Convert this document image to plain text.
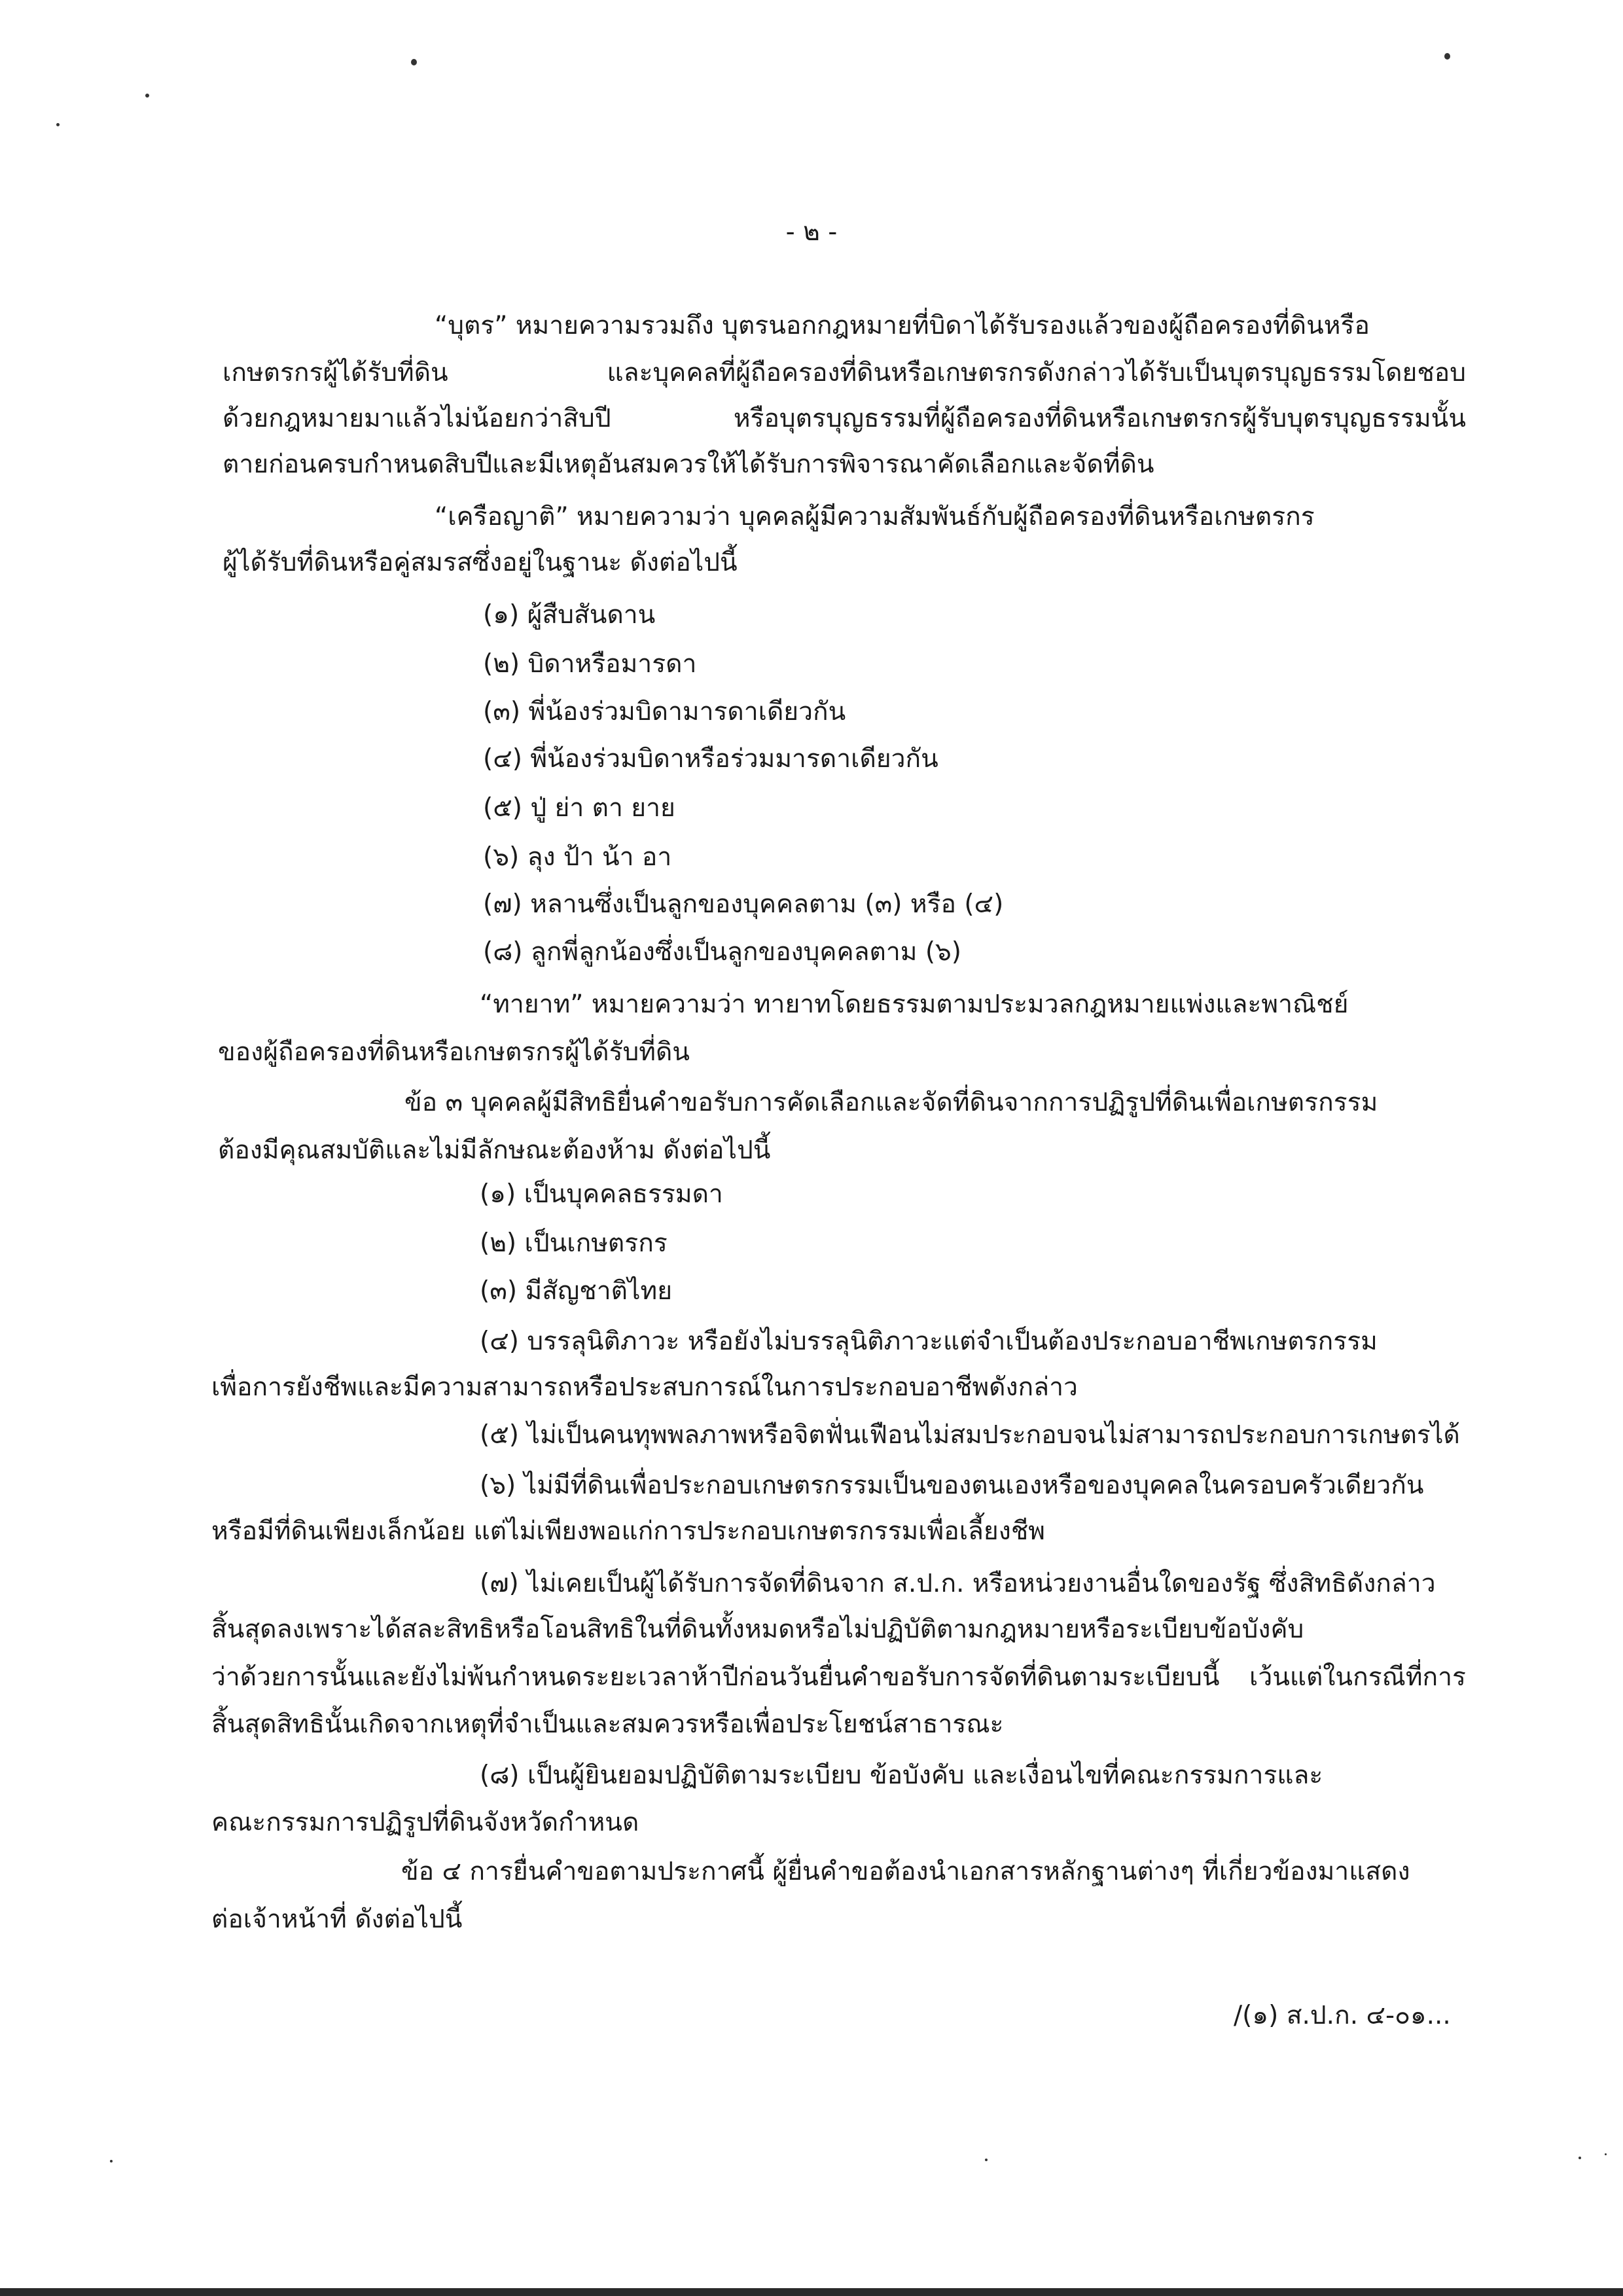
- ๒ -
“บุตร” หมายความรวมถึง บุตรนอกกฎหมายที่บิดาได้รับรองแล้วของผู้ถือครองที่ดินหรือ
เกษตรกรผู้ได้รับที่ดิน และบุคคลที่ผู้ถือครองที่ดินหรือเกษตรกรดังกล่าวได้รับเป็นบุตรบุญธรรมโดยชอบ
ด้วยกฎหมายมาแล้วไม่น้อยกว่าสิบปี หรือบุตรบุญธรรมที่ผู้ถือครองที่ดินหรือเกษตรกรผู้รับบุตรบุญธรรมนั้น
ตายก่อนครบกำหนดสิบปีและมีเหตุอันสมควรให้ได้รับการพิจารณาคัดเลือกและจัดที่ดิน
“เครือญาติ” หมายความว่า บุคคลผู้มีความสัมพันธ์กับผู้ถือครองที่ดินหรือเกษตรกร
ผู้ได้รับที่ดินหรือคู่สมรสซึ่งอยู่ในฐานะ ดังต่อไปนี้
(๑) ผู้สืบสันดาน
(๒) บิดาหรือมารดา
(๓) พี่น้องร่วมบิดามารดาเดียวกัน
(๔) พี่น้องร่วมบิดาหรือร่วมมารดาเดียวกัน
(๕) ปู่ ย่า ตา ยาย
(๖) ลุง ป้า น้า อา
(๗) หลานซึ่งเป็นลูกของบุคคลตาม (๓) หรือ (๔)
(๘) ลูกพี่ลูกน้องซึ่งเป็นลูกของบุคคลตาม (๖)
“ทายาท” หมายความว่า ทายาทโดยธรรมตามประมวลกฎหมายแพ่งและพาณิชย์
ของผู้ถือครองที่ดินหรือเกษตรกรผู้ได้รับที่ดิน
ข้อ ๓ บุคคลผู้มีสิทธิยื่นคำขอรับการคัดเลือกและจัดที่ดินจากการปฏิรูปที่ดินเพื่อเกษตรกรรม
ต้องมีคุณสมบัติและไม่มีลักษณะต้องห้าม ดังต่อไปนี้
(๑) เป็นบุคคลธรรมดา
(๒) เป็นเกษตรกร
(๓) มีสัญชาติไทย
(๔) บรรลุนิติภาวะ หรือยังไม่บรรลุนิติภาวะแต่จำเป็นต้องประกอบอาชีพเกษตรกรรม
เพื่อการยังชีพและมีความสามารถหรือประสบการณ์ในการประกอบอาชีพดังกล่าว
(๕) ไม่เป็นคนทุพพลภาพหรือจิตฟั่นเฟือนไม่สมประกอบจนไม่สามารถประกอบการเกษตรได้
(๖) ไม่มีที่ดินเพื่อประกอบเกษตรกรรมเป็นของตนเองหรือของบุคคลในครอบครัวเดียวกัน
หรือมีที่ดินเพียงเล็กน้อย แต่ไม่เพียงพอแก่การประกอบเกษตรกรรมเพื่อเลี้ยงชีพ
(๗) ไม่เคยเป็นผู้ได้รับการจัดที่ดินจาก ส.ป.ก. หรือหน่วยงานอื่นใดของรัฐ ซึ่งสิทธิดังกล่าว
สิ้นสุดลงเพราะได้สละสิทธิหรือโอนสิทธิในที่ดินทั้งหมดหรือไม่ปฏิบัติตามกฎหมายหรือระเบียบข้อบังคับ
ว่าด้วยการนั้นและยังไม่พ้นกำหนดระยะเวลาห้าปีก่อนวันยื่นคำขอรับการจัดที่ดินตามระเบียบนี้ เว้นแต่ในกรณีที่การ
สิ้นสุดสิทธินั้นเกิดจากเหตุที่จำเป็นและสมควรหรือเพื่อประโยชน์สาธารณะ
(๘) เป็นผู้ยินยอมปฏิบัติตามระเบียบ ข้อบังคับ และเงื่อนไขที่คณะกรรมการและ
คณะกรรมการปฏิรูปที่ดินจังหวัดกำหนด
ข้อ ๔ การยื่นคำขอตามประกาศนี้ ผู้ยื่นคำขอต้องนำเอกสารหลักฐานต่างๆ ที่เกี่ยวข้องมาแสดง
ต่อเจ้าหน้าที่ ดังต่อไปนี้
/(๑) ส.ป.ก. ๔-๐๑...
